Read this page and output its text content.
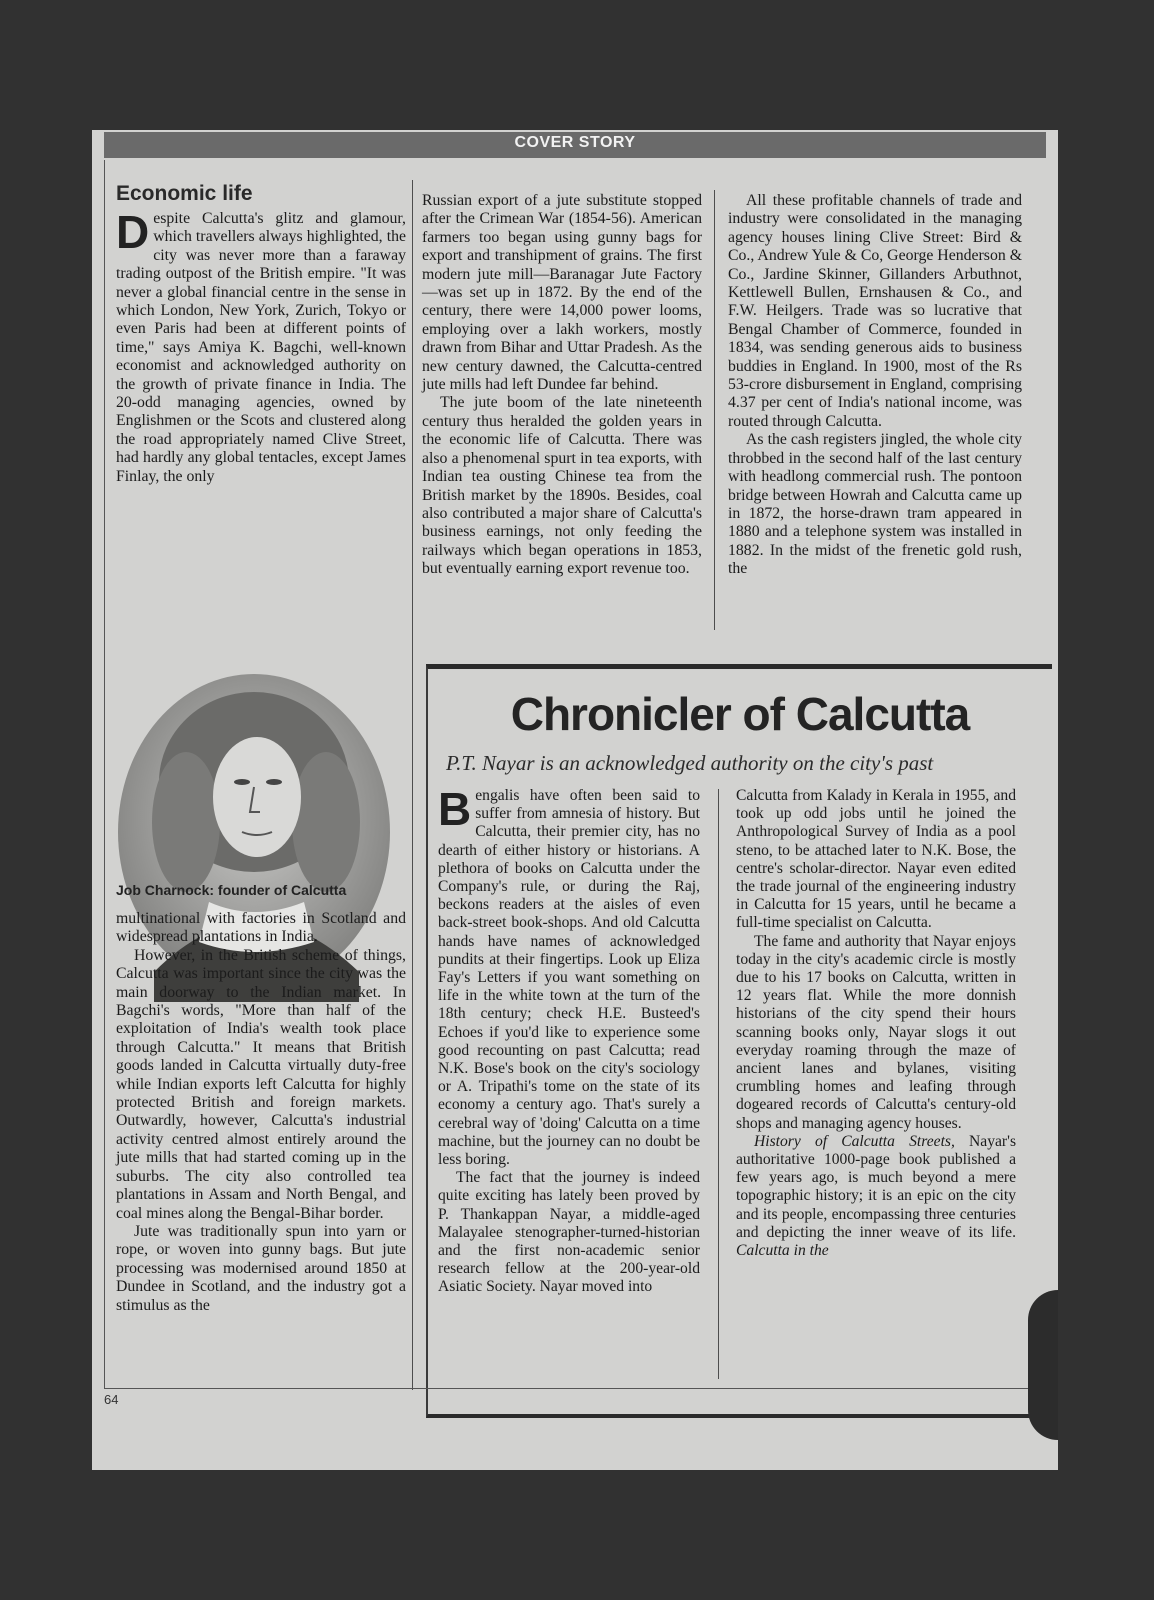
COVER STORY
Economic life

Despite Calcutta's glitz and glamour, which travellers always highlighted, the city was never more than a faraway trading outpost of the British empire. "It was never a global financial centre in the sense in which London, New York, Zurich, Tokyo or even Paris had been at different points of time," says Amiya K. Bagchi, well-known economist and acknowledged authority on the growth of private finance in India. The 20-odd managing agencies, owned by Englishmen or the Scots and clustered along the road appropriately named Clive Street, had hardly any global tentacles, except James Finlay, the only

Job Charnock: founder of Calcutta

multinational with factories in Scotland and widespread plantations in India.

However, in the British scheme of things, Calcutta was important since the city was the main doorway to the Indian market. In Bagchi's words, "More than half of the exploitation of India's wealth took place through Calcutta." It means that British goods landed in Calcutta virtually duty-free while Indian exports left Calcutta for highly protected British and foreign markets. Outwardly, however, Calcutta's industrial activity centred almost entirely around the jute mills that had started coming up in the suburbs. The city also controlled tea plantations in Assam and North Bengal, and coal mines along the Bengal-Bihar border.

Jute was traditionally spun into yarn or rope, or woven into gunny bags. But jute processing was modernised around 1850 at Dundee in Scotland, and the industry got a stimulus as the

Russian export of a jute substitute stopped after the Crimean War (1854-56). American farmers too began using gunny bags for export and transhipment of grains. The first modern jute mill—Baranagar Jute Factory—was set up in 1872. By the end of the century, there were 14,000 power looms, employing over a lakh workers, mostly drawn from Bihar and Uttar Pradesh. As the new century dawned, the Calcutta-centred jute mills had left Dundee far behind.

The jute boom of the late nineteenth century thus heralded the golden years in the economic life of Calcutta. There was also a phenomenal spurt in tea exports, with Indian tea ousting Chinese tea from the British market by the 1890s. Besides, coal also contributed a major share of Calcutta's business earnings, not only feeding the railways which began operations in 1853, but eventually earning export revenue too.

All these profitable channels of trade and industry were consolidated in the managing agency houses lining Clive Street: Bird & Co., Andrew Yule & Co, George Henderson & Co., Jardine Skinner, Gillanders Arbuthnot, Kettlewell Bullen, Ernshausen & Co., and F.W. Heilgers. Trade was so lucrative that Bengal Chamber of Commerce, founded in 1834, was sending generous aids to business buddies in England. In 1900, most of the Rs 53-crore disbursement in England, comprising 4.37 per cent of India's national income, was routed through Calcutta.

As the cash registers jingled, the whole city throbbed in the second half of the last century with headlong commercial rush. The pontoon bridge between Howrah and Calcutta came up in 1872, the horse-drawn tram appeared in 1880 and a telephone system was installed in 1882. In the midst of the frenetic gold rush, the

Chronicler of Calcutta
P.T. Nayar is an acknowledged authority on the city's past

Bengalis have often been said to suffer from amnesia of history. But Calcutta, their premier city, has no dearth of either history or historians. A plethora of books on Calcutta under the Company's rule, or during the Raj, beckons readers at the aisles of even back-street book-shops. And old Calcutta hands have names of acknowledged pundits at their fingertips. Look up Eliza Fay's Letters if you want something on life in the white town at the turn of the 18th century; check H.E. Busteed's Echoes if you'd like to experience some good recounting on past Calcutta; read N.K. Bose's book on the city's sociology or A. Tripathi's tome on the state of its economy a century ago. That's surely a cerebral way of 'doing' Calcutta on a time machine, but the journey can no doubt be less boring.

The fact that the journey is indeed quite exciting has lately been proved by P. Thankappan Nayar, a middle-aged Malayalee stenographer-turned-historian and the first non-academic senior research fellow at the 200-year-old Asiatic Society. Nayar moved into

Calcutta from Kalady in Kerala in 1955, and took up odd jobs until he joined the Anthropological Survey of India as a pool steno, to be attached later to N.K. Bose, the centre's scholar-director. Nayar even edited the trade journal of the engineering industry in Calcutta for 15 years, until he became a full-time specialist on Calcutta.

The fame and authority that Nayar enjoys today in the city's academic circle is mostly due to his 17 books on Calcutta, written in 12 years flat. While the more donnish historians of the city spend their hours scanning books only, Nayar slogs it out everyday roaming through the maze of ancient lanes and bylanes, visiting crumbling homes and leafing through dogeared records of Calcutta's century-old shops and managing agency houses.

History of Calcutta Streets, Nayar's authoritative 1000-page book published a few years ago, is much beyond a mere topographic history; it is an epic on the city and its people, encompassing three centuries and depicting the inner weave of its life. Calcutta in the

64
